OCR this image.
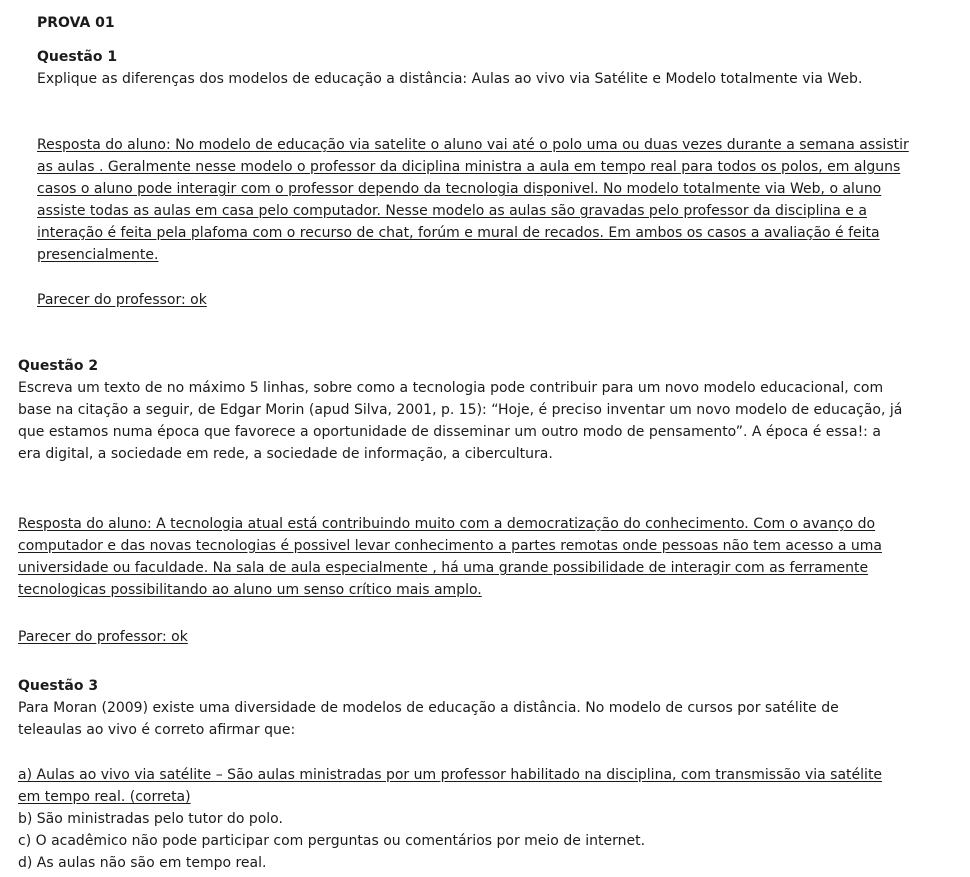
PROVA 01
Questão 1

Explique as diferenças dos modelos de educação a distância: Aulas ao vivo via Satélite e Modelo totalmente via Web.

Resposta do aluno: No modelo de educação via satelite o aluno vai até o polo uma ou duas vezes durante a semana assistir as aulas . Geralmente nesse modelo o professor da diciplina ministra a aula em tempo real para todos os polos, em alguns casos o aluno pode interagir com o professor dependo da tecnologia disponivel. No modelo totalmente via Web, o aluno assiste todas as aulas em casa pelo computador. Nesse modelo as aulas são gravadas pelo professor da disciplina e a interação é feita pela plafoma com o recurso de chat, forúm e mural de recados. Em ambos os casos a avaliação é feita presencialmente.

Parecer do professor: ok

Questão 2

Escreva um texto de no máximo 5 linhas, sobre como a tecnologia pode contribuir para um novo modelo educacional, com base na citação a seguir, de Edgar Morin (apud Silva, 2001, p. 15): “Hoje, é preciso inventar um novo modelo de educação, já que estamos numa época que favorece a oportunidade de disseminar um outro modo de pensamento”. A época é essa!: a era digital, a sociedade em rede, a sociedade de informação, a cibercultura.

Resposta do aluno: A tecnologia atual está contribuindo muito com a democratização do conhecimento. Com o avanço do computador e das novas tecnologias é possivel levar conhecimento a partes remotas onde pessoas não tem acesso a uma universidade ou faculdade. Na sala de aula especialmente , há uma grande possibilidade de interagir com as ferramente tecnologicas possibilitando ao aluno um senso crítico mais amplo.

Parecer do professor: ok

Questão 3

Para Moran (2009) existe uma diversidade de modelos de educação a distância. No modelo de cursos por satélite de teleaulas ao vivo é correto afirmar que:

a) Aulas ao vivo via satélite – São aulas ministradas por um professor habilitado na disciplina, com transmissão via satélite em tempo real. (correta)

b) São ministradas pelo tutor do polo.

c) O acadêmico não pode participar com perguntas ou comentários por meio de internet.

d) As aulas não são em tempo real.
